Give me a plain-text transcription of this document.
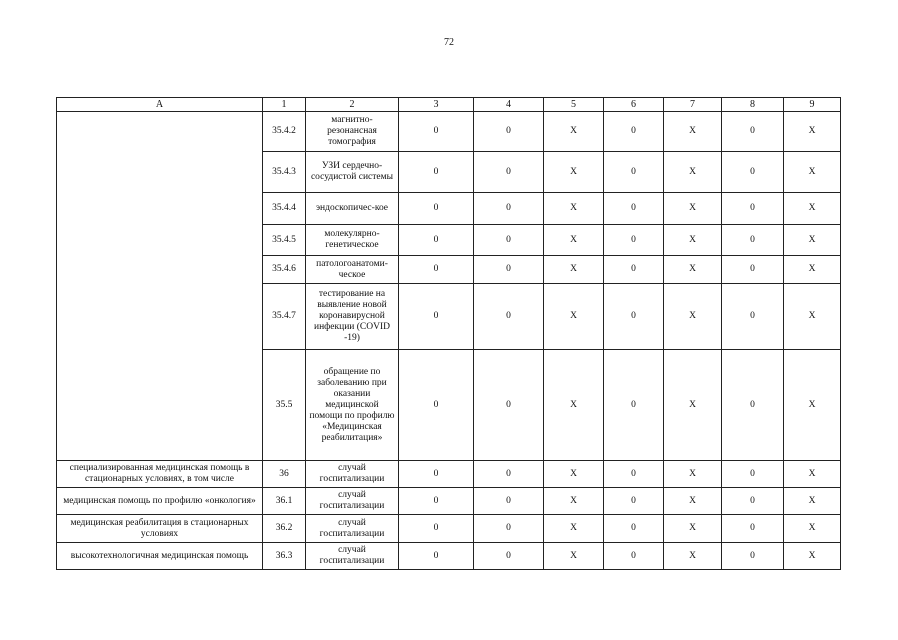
72
А	1	2	3	4	5	6	7	8	9
	35.4.2	магнитно-резонансная томография	0	0	Х	0	Х	0	Х
	35.4.3	УЗИ сердечно-сосудистой системы	0	0	Х	0	Х	0	Х
	35.4.4	эндоскопичес-кое	0	0	Х	0	Х	0	Х
	35.4.5	молекулярно-генетическое	0	0	Х	0	Х	0	Х
	35.4.6	патологоанатоми-ческое	0	0	Х	0	Х	0	Х
	35.4.7	тестирование на выявление новой коронавирусной инфекции (COVID -19)	0	0	Х	0	Х	0	Х
	35.5	обращение по заболеванию при оказании медицинской помощи по профилю «Медицинская реабилитация»	0	0	Х	0	Х	0	Х
специализированная медицинская помощь в стационарных условиях, в том числе	36	случай госпитализации	0	0	Х	0	Х	0	Х
медицинская помощь по профилю «онкология»	36.1	случай госпитализации	0	0	Х	0	Х	0	Х
медицинская реабилитация в стационарных условиях	36.2	случай госпитализации	0	0	Х	0	Х	0	Х
высокотехнологичная медицинская помощь	36.3	случай госпитализации	0	0	Х	0	Х	0	Х
